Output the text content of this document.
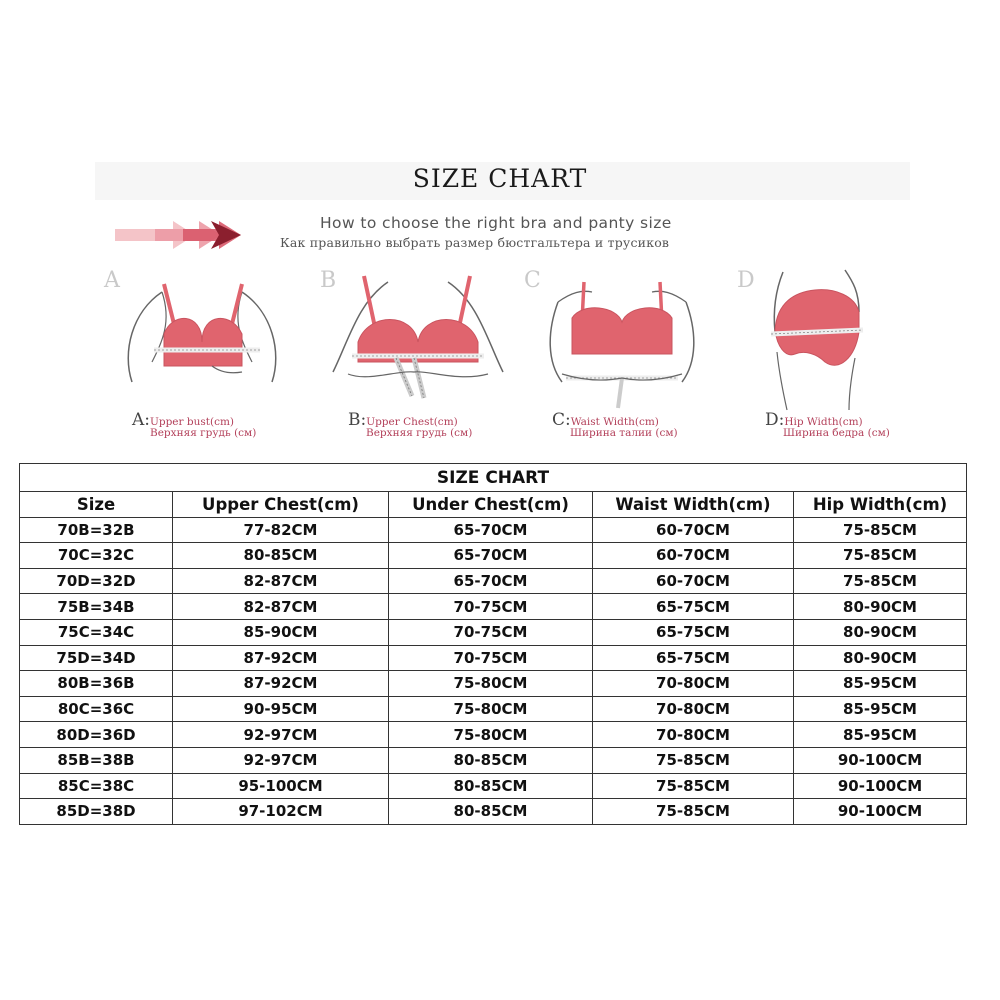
SIZE CHART
How to choose the right bra and panty size
Как правильно выбрать размер бюстгальтера и трусиков
A
A:Upper bust(cm)
Верхняя грудь (см)
B
B:Upper Chest(cm)
Верхняя грудь (см)
C
C:Waist Width(cm)
Ширина талии (см)
D
D:Hip Width(cm)
Ширина бедра (см)
SIZE CHART				
Size	Upper Chest(cm)	Under Chest(cm)	Waist Width(cm)	Hip Width(cm)
70B=32B	77-82CM	65-70CM	60-70CM	75-85CM
70C=32C	80-85CM	65-70CM	60-70CM	75-85CM
70D=32D	82-87CM	65-70CM	60-70CM	75-85CM
75B=34B	82-87CM	70-75CM	65-75CM	80-90CM
75C=34C	85-90CM	70-75CM	65-75CM	80-90CM
75D=34D	87-92CM	70-75CM	65-75CM	80-90CM
80B=36B	87-92CM	75-80CM	70-80CM	85-95CM
80C=36C	90-95CM	75-80CM	70-80CM	85-95CM
80D=36D	92-97CM	75-80CM	70-80CM	85-95CM
85B=38B	92-97CM	80-85CM	75-85CM	90-100CM
85C=38C	95-100CM	80-85CM	75-85CM	90-100CM
85D=38D	97-102CM	80-85CM	75-85CM	90-100CM
